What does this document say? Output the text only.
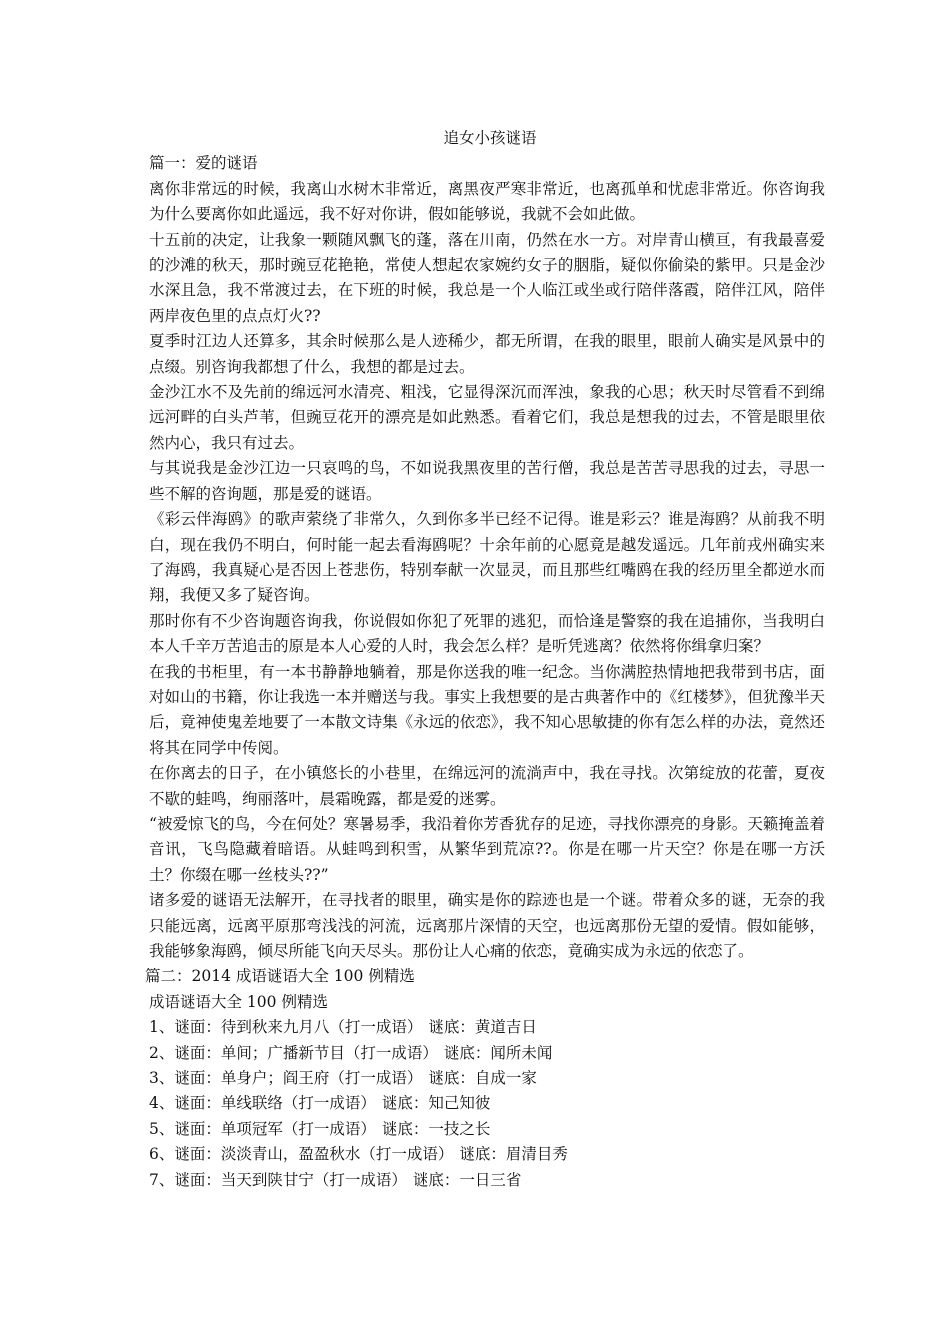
追女小孩谜语

篇一：爱的谜语

离你非常远的时候，我离山水树木非常近，离黑夜严寒非常近，也离孤单和忧虑非常近。你咨询我为什么要离你如此遥远，我不好对你讲，假如能够说，我就不会如此做。

十五前的决定，让我象一颗随风飘飞的蓬，落在川南，仍然在水一方。对岸青山横亘，有我最喜爱的沙滩的秋天，那时豌豆花艳艳，常使人想起农家婉约女子的胭脂，疑似你偷染的紫甲。只是金沙水深且急，我不常渡过去，在下班的时候，我总是一个人临江或坐或行陪伴落霞，陪伴江风，陪伴两岸夜色里的点点灯火??

夏季时江边人还算多，其余时候那么是人迹稀少，都无所谓，在我的眼里，眼前人确实是风景中的点缀。别咨询我都想了什么，我想的都是过去。

金沙江水不及先前的绵远河水清亮、粗浅，它显得深沉而浑浊，象我的心思；秋天时尽管看不到绵远河畔的白头芦苇，但豌豆花开的漂亮是如此熟悉。看着它们，我总是想我的过去，不管是眼里依然内心，我只有过去。

与其说我是金沙江边一只哀鸣的鸟，不如说我黑夜里的苦行僧，我总是苦苦寻思我的过去，寻思一些不解的咨询题，那是爱的谜语。

《彩云伴海鸥》的歌声萦绕了非常久，久到你多半已经不记得。谁是彩云？谁是海鸥？从前我不明白，现在我仍不明白，何时能一起去看海鸥呢？十余年前的心愿竟是越发遥远。几年前戎州确实来了海鸥，我真疑心是否因上苍悲伤，特别奉献一次显灵，而且那些红嘴鸥在我的经历里全都逆水而翔，我便又多了疑咨询。

那时你有不少咨询题咨询我，你说假如你犯了死罪的逃犯，而恰逢是警察的我在追捕你，当我明白本人千辛万苦追击的原是本人心爱的人时，我会怎么样？是听凭逃离？依然将你缉拿归案？

在我的书柜里，有一本书静静地躺着，那是你送我的唯一纪念。当你满腔热情地把我带到书店，面对如山的书籍，你让我选一本并赠送与我。事实上我想要的是古典著作中的《红楼梦》，但犹豫半天后，竟神使鬼差地要了一本散文诗集《永远的依恋》，我不知心思敏捷的你有怎么样的办法，竟然还将其在同学中传阅。

在你离去的日子，在小镇悠长的小巷里，在绵远河的流淌声中，我在寻找。次第绽放的花蕾，夏夜不歇的蛙鸣，绚丽落叶，晨霜晚露，都是爱的迷雾。

“被爱惊飞的鸟，今在何处？寒暑易季，我沿着你芳香犹存的足迹，寻找你漂亮的身影。天籁掩盖着音讯，飞鸟隐藏着暗语。从蛙鸣到积雪，从繁华到荒凉??。你是在哪一片天空？你是在哪一方沃土？你缀在哪一丝枝头??”

诸多爱的谜语无法解开，在寻找者的眼里，确实是你的踪迹也是一个谜。带着众多的谜，无奈的我只能远离，远离平原那弯浅浅的河流，远离那片深情的天空，也远离那份无望的爱情。假如能够，我能够象海鸥，倾尽所能飞向天尽头。那份让人心痛的依恋，竟确实成为永远的依恋了。

篇二：2014 成语谜语大全 100 例精选

成语谜语大全 100 例精选

1、谜面：待到秋来九月八（打一成语） 谜底：黄道吉日
2、谜面：单间；广播新节目（打一成语） 谜底：闻所未闻
3、谜面：单身户；阎王府（打一成语） 谜底：自成一家
4、谜面：单线联络（打一成语） 谜底：知己知彼
5、谜面：单项冠军（打一成语） 谜底：一技之长
6、谜面：淡淡青山，盈盈秋水（打一成语） 谜底：眉清目秀
7、谜面：当天到陕甘宁（打一成语） 谜底：一日三省
